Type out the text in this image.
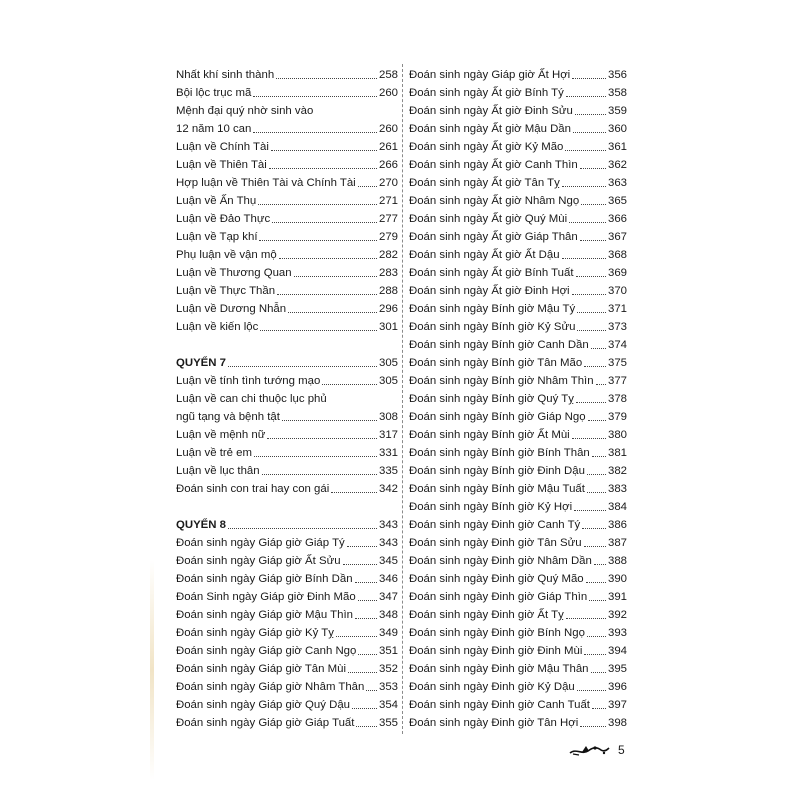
Nhất khí sinh thành	258
Bội lộc trục mã	260
Mệnh đại quý nhờ sinh vào
12 năm 10 can	260
Luận về Chính Tài	261
Luận về Thiên Tài	266
Hợp luận về Thiên Tài và Chính Tài 270
Luận về Ấn Thụ	271
Luận về Đảo Thực	277
Luận về Tạp khí	279
Phụ luận về vận mộ	282
Luận về Thương Quan	283
Luận về Thực Thần	288
Luận về Dương Nhẫn	296
Luận về kiến lộc	301
QUYỂN 7	305
Luận về tính tình tướng mạo	305
Luận về can chi thuộc lục phủ
ngũ tạng và bệnh tật	308
Luận về mệnh nữ	317
Luận về trẻ em	331
Luận về lục thân	335
Đoán sinh con trai hay con gái	342
QUYỂN 8	343
Đoán sinh ngày Giáp giờ Giáp Tý	343
Đoán sinh ngày Giáp giờ Ất Sửu	345
Đoán sinh ngày Giáp giờ Bính Dần 346
Đoán Sinh ngày Giáp giờ Đinh Mão 347
Đoán sinh ngày Giáp giờ Mậu Thìn 348
Đoán sinh ngày Giáp giờ Kỷ Tỵ	349
Đoán sinh ngày Giáp giờ Canh Ngọ 351
Đoán sinh ngày Giáp giờ Tân Mùi	352
Đoán sinh ngày Giáp giờ Nhâm Thân 353
Đoán sinh ngày Giáp giờ Quý Dậu	354
Đoán sinh ngày Giáp giờ Giáp Tuất 355
Đoán sinh ngày Giáp giờ Ất Hợi	356
Đoán sinh ngày Ất giờ Bính Tý	358
Đoán sinh ngày Ất giờ Đinh Sửu	359
Đoán sinh ngày Ất giờ Mậu Dần	360
Đoán sinh ngày Ất giờ Kỷ Mão	361
Đoán sinh ngày Ất giờ Canh Thìn	362
Đoán sinh ngày Ất giờ Tân Tỵ	363
Đoán sinh ngày Ất giờ Nhâm Ngọ	365
Đoán sinh ngày Ất giờ Quý Mùi	366
Đoán sinh ngày Ất giờ Giáp Thân	367
Đoán sinh ngày Ất giờ Ất Dậu	368
Đoán sinh ngày Ất giờ Bính Tuất	369
Đoán sinh ngày Ất giờ Đinh Hợi	370
Đoán sinh ngày Bính giờ Mậu Tý	371
Đoán sinh ngày Bính giờ Kỷ Sửu	373
Đoán sinh ngày Bính giờ Canh Dần 374
Đoán sinh ngày Bính giờ Tân Mão 375
Đoán sinh ngày Bính giờ Nhâm Thìn 377
Đoán sinh ngày Bính giờ Quý Tỵ	378
Đoán sinh ngày Bính giờ Giáp Ngọ 379
Đoán sinh ngày Bính giờ Ất Mùi	380
Đoán sinh ngày Bính giờ Bính Thân 381
Đoán sinh ngày Bính giờ Đinh Dậu 382
Đoán sinh ngày Bính giờ Mậu Tuất 383
Đoán sinh ngày Bính giờ Kỷ Hợi	384
Đoán sinh ngày Đinh giờ Canh Tý 386
Đoán sinh ngày Đinh giờ Tân Sửu 387
Đoán sinh ngày Đinh giờ Nhâm Dần 388
Đoán sinh ngày Đinh giờ Quý Mão 390
Đoán sinh ngày Đinh giờ Giáp Thìn 391
Đoán sinh ngày Đinh giờ Ất Tỵ	392
Đoán sinh ngày Đinh giờ Bính Ngọ 393
Đoán sinh ngày Đinh giờ Đinh Mùi 394
Đoán sinh ngày Đinh giờ Mậu Thân 395
Đoán sinh ngày Đinh giờ Kỷ Dậu	396
Đoán sinh ngày Đinh giờ Canh Tuất 397
Đoán sinh ngày Đinh giờ Tân Hợi	398
5
